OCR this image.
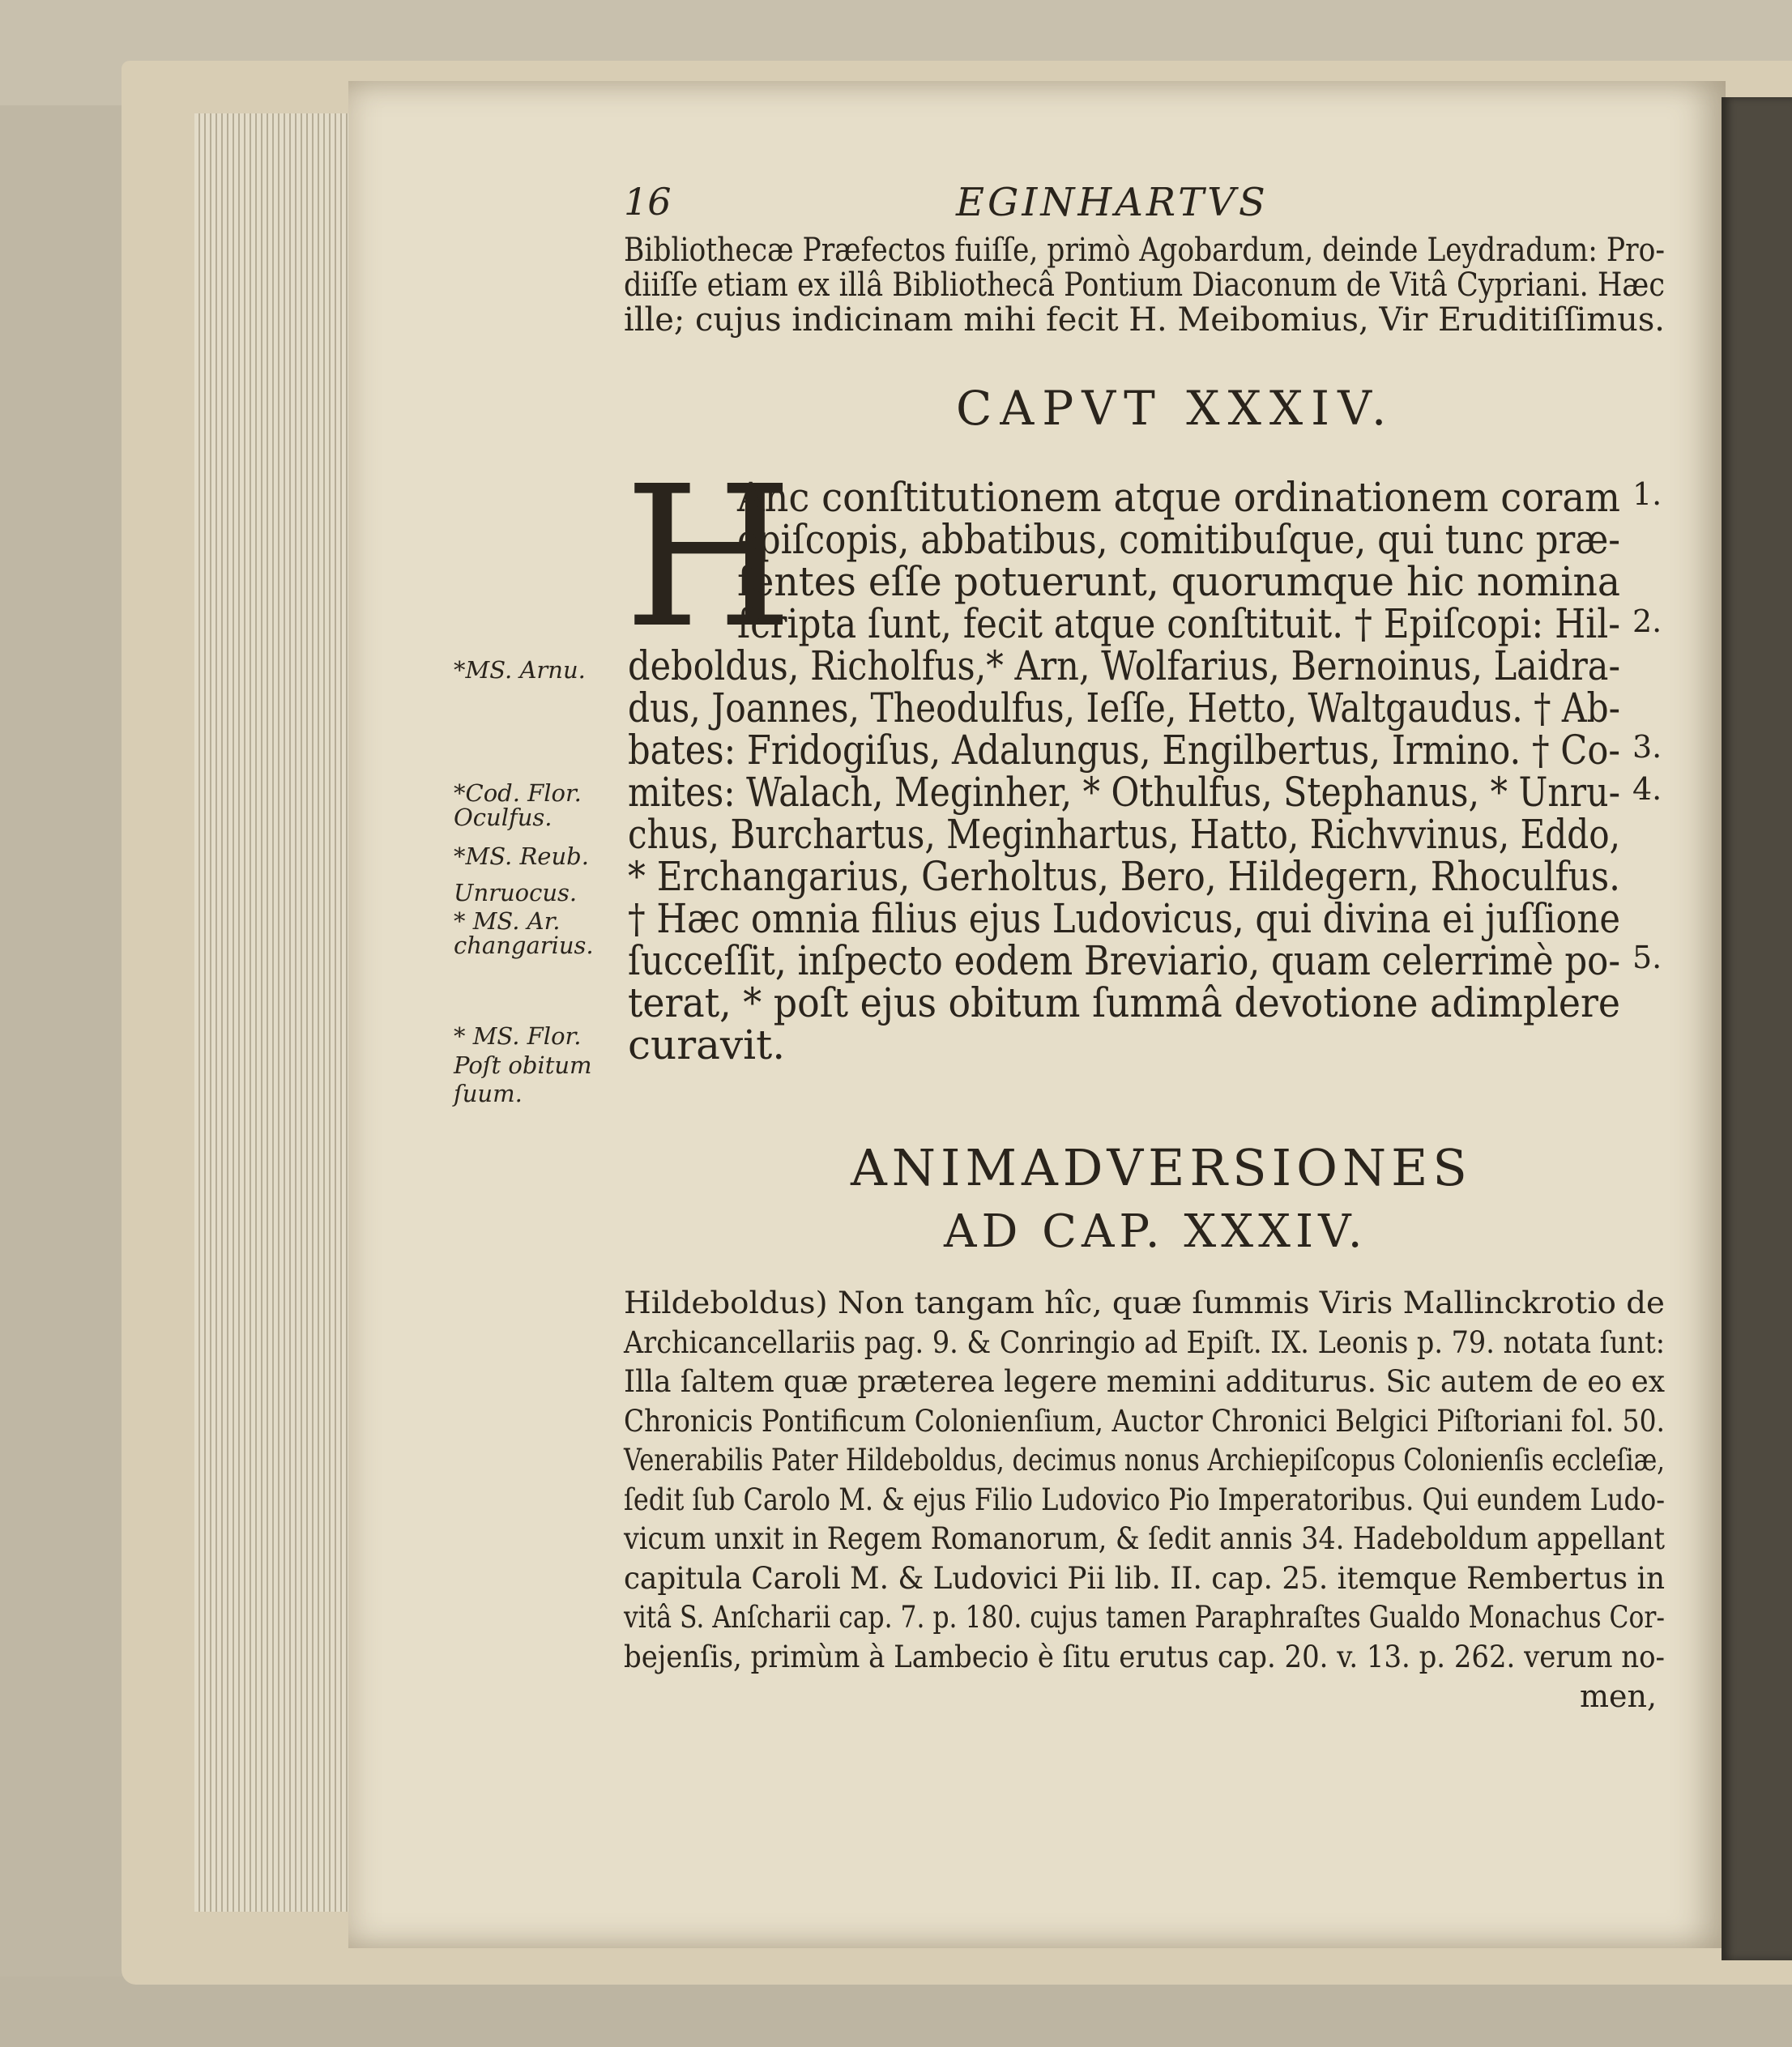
16	EGINHARTVS
Bibliothecæ Præfectos fuiſſe, primò Agobardum, deinde Leydradum: Pro-
diiſſe etiam ex illâ Bibliothecâ Pontium Diaconum de Vitâ Cypriani. Hæc
ille; cujus indicinam mihi fecit H. Meibomius, Vir Eruditiſſimus.
CAPVT XXXIV.
H
Anc conſtitutionem atque ordinationem coram
epiſcopis, abbatibus, comitibuſque, qui tunc præ-
ſentes eſſe potuerunt, quorumque hic nomina
ſcripta ſunt, fecit atque conſtituit. † Epiſcopi: Hil-
deboldus, Richolfus,* Arn, Wolfarius, Bernoinus, Laidra-
dus, Joannes, Theodulfus, Ieſſe, Hetto, Waltgaudus. † Ab-
bates: Fridogiſus, Adalungus, Engilbertus, Irmino. † Co-
mites: Walach, Meginher, * Othulfus, Stephanus, * Unru-
chus, Burchartus, Meginhartus, Hatto, Richvvinus, Eddo,
* Erchangarius, Gerholtus, Bero, Hildegern, Rhoculfus.
† Hæc omnia filius ejus Ludovicus, qui divina ei juſſione
ſucceſſit, inſpecto eodem Breviario, quam celerrimè po-
terat, * poſt ejus obitum ſummâ devotione adimplere
curavit.
1.
2.
3.
4.
5.
*MS. Arnu.
*Cod. Flor.
Oculfus.
*MS. Reub.
Unruocus.
* MS. Ar.
changarius.
* MS. Flor.
Poſt obitum
ſuum.
ANIMADVERSIONES
AD CAP. XXXIV.
Hildeboldus) Non tangam hîc, quæ ſummis Viris Mallinckrotio de
Archicancellariis pag. 9. & Conringio ad Epiſt. IX. Leonis p. 79. notata ſunt:
Illa ſaltem quæ præterea legere memini additurus. Sic autem de eo ex
Chronicis Pontificum Colonienſium, Auctor Chronici Belgici Piſtoriani fol. 50.
Venerabilis Pater Hildeboldus, decimus nonus Archiepiſcopus Colonienſis eccleſiæ,
ſedit ſub Carolo M. & ejus Filio Ludovico Pio Imperatoribus. Qui eundem Ludo-
vicum unxit in Regem Romanorum, & ſedit annis 34. Hadeboldum appellant
capitula Caroli M. & Ludovici Pii lib. II. cap. 25. itemque Rembertus in
vitâ S. Anſcharii cap. 7. p. 180. cujus tamen Paraphraſtes Gualdo Monachus Cor-
bejenſis, primùm à Lambecio è ſitu erutus cap. 20. v. 13. p. 262. verum no-
men,
